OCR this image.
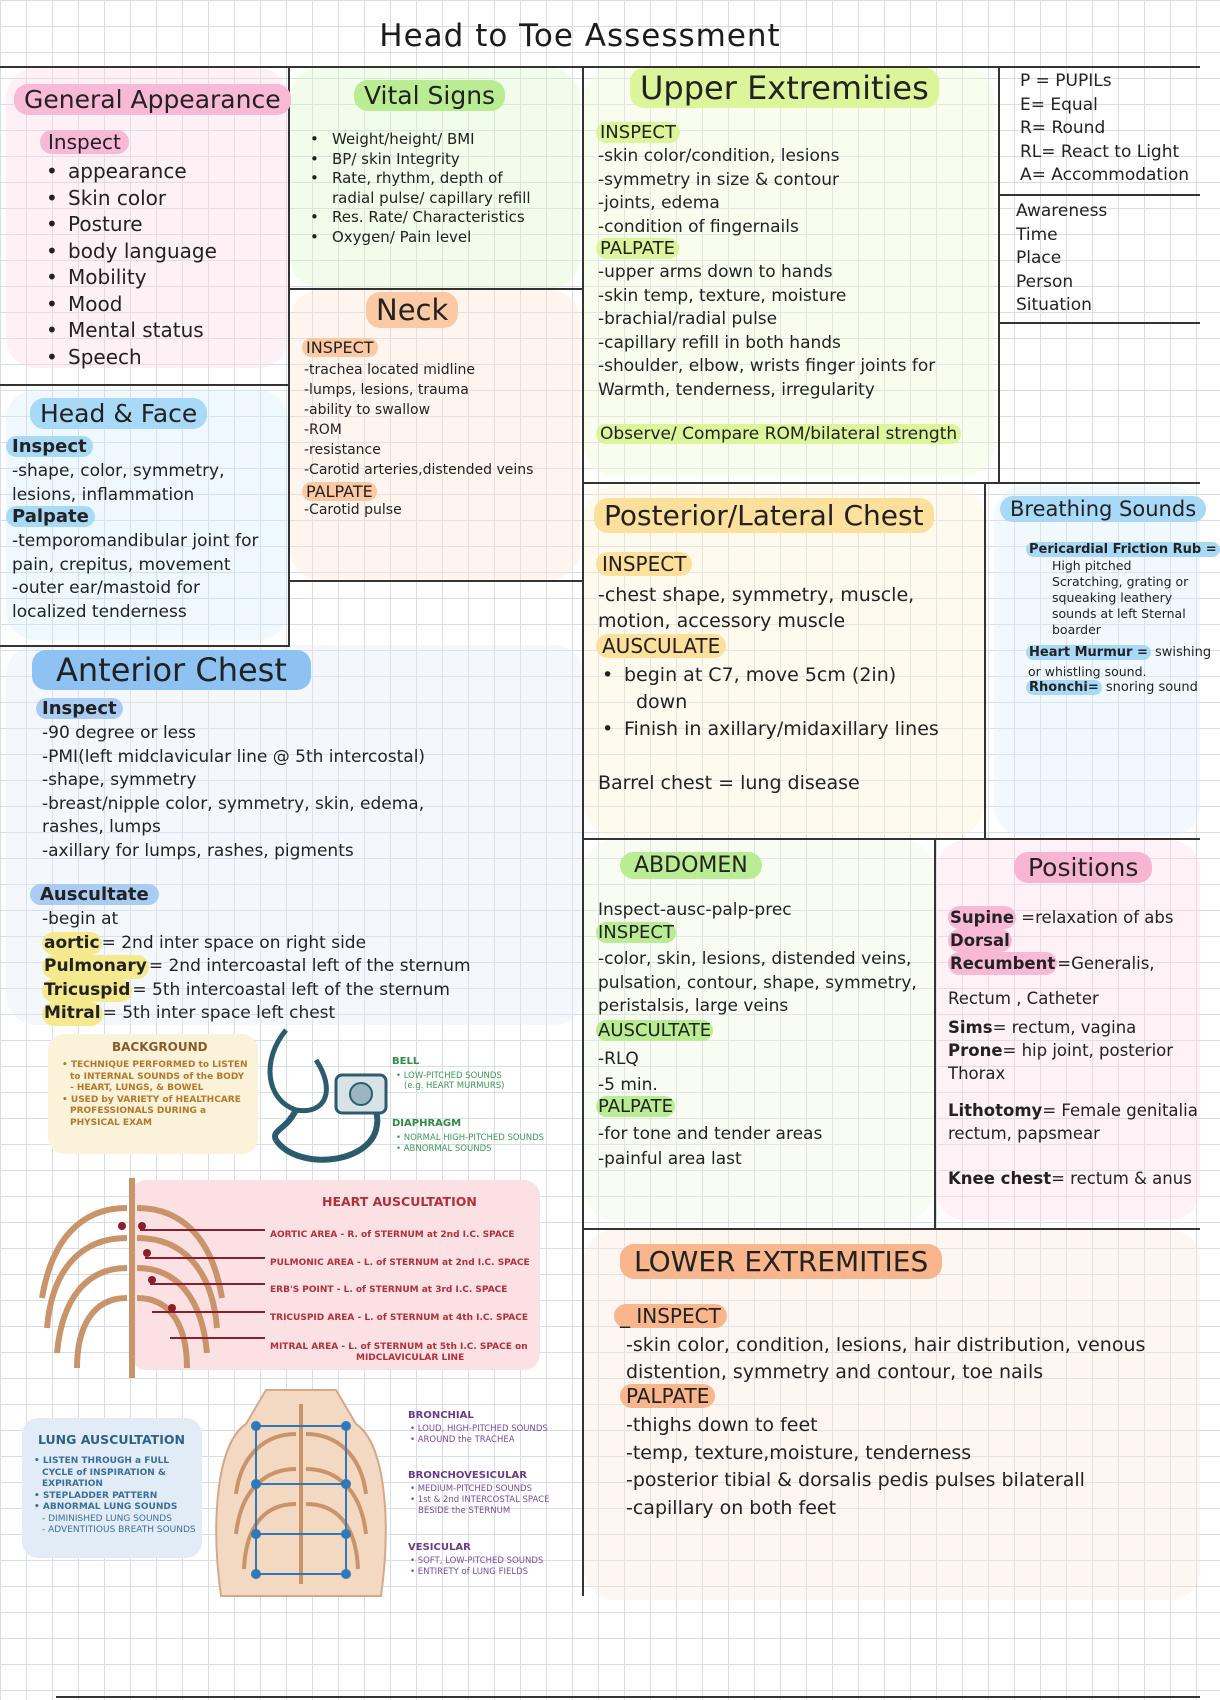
Head to Toe Assessment
General Appearance
Inspect
• appearance
• Skin color
• Posture
• body language
• Mobility
• Mood
• Mental status
• Speech
Vital Signs
• Weight/height/ BMI
• BP/ skin Integrity
• Rate, rhythm, depth of
radial pulse/ capillary refill
• Res. Rate/ Characteristics
• Oxygen/ Pain level
Neck
INSPECT
-trachea located midline
-lumps, lesions, trauma
-ability to swallow
-ROM
-resistance
-Carotid arteries,distended veins
PALPATE
-Carotid pulse
Head & Face
Inspect
-shape, color, symmetry,
lesions, inflammation
Palpate
-temporomandibular joint for
pain, crepitus, movement
-outer ear/mastoid for
localized tenderness
Upper Extremities
INSPECT
-skin color/condition, lesions
-symmetry in size & contour
-joints, edema
-condition of fingernails
PALPATE
-upper arms down to hands
-skin temp, texture, moisture
-brachial/radial pulse
-capillary refill in both hands
-shoulder, elbow, wrists finger joints for
Warmth, tenderness, irregularity
Observe/ Compare ROM/bilateral strength
P = PUPILs
E= Equal
R= Round
RL= React to Light
A= Accommodation
Awareness
Time
Place
Person
Situation
Posterior/Lateral Chest
INSPECT
-chest shape, symmetry, muscle,
motion, accessory muscle
AUSCULATE
• begin at C7, move 5cm (2in)
down
• Finish in axillary/midaxillary lines
Barrel chest = lung disease
Breathing Sounds
Pericardial Friction Rub =
High pitched
Scratching, grating or
squeaking leathery
sounds at left Sternal
boarder
Heart Murmur = swishing
or whistling sound.
Rhonchi= snoring sound
Anterior Chest
Inspect
-90 degree or less
-PMI(left midclavicular line @ 5th intercostal)
-shape, symmetry
-breast/nipple color, symmetry, skin, edema,
rashes, lumps
-axillary for lumps, rashes, pigments
Auscultate
-begin at
aortic = 2nd inter space on right side
Pulmonary = 2nd intercoastal left of the sternum
Tricuspid = 5th intercoastal left of the sternum
Mitral = 5th inter space left chest
ABDOMEN
Inspect-ausc-palp-prec
INSPECT
-color, skin, lesions, distended veins,
pulsation, contour, shape, symmetry,
peristalsis, large veins
AUSCULTATE
-RLQ
-5 min.
PALPATE
-for tone and tender areas
-painful area last
Positions
Supine =relaxation of abs
Dorsal
Recumbent =Generalis,
Rectum , Catheter
Sims= rectum, vagina
Prone= hip joint, posterior
Thorax
Lithotomy= Female genitalia
rectum, papsmear
Knee chest= rectum & anus
LOWER EXTREMITIES
_ INSPECT
-skin color, condition, lesions, hair distribution, venous
distention, symmetry and contour, toe nails
PALPATE
-thighs down to feet
-temp, texture,moisture, tenderness
-posterior tibial & dorsalis pedis pulses bilaterall
-capillary on both feet
BACKGROUND
• TECHNIQUE PERFORMED to LISTEN
to INTERNAL SOUNDS of the BODY
- HEART, LUNGS, & BOWEL
• USED by VARIETY of HEALTHCARE
PROFESSIONALS DURING a
PHYSICAL EXAM
BELL
• LOW-PITCHED SOUNDS
(e.g. HEART MURMURS)
DIAPHRAGM
• NORMAL HIGH-PITCHED SOUNDS
• ABNORMAL SOUNDS
HEART AUSCULTATION
AORTIC AREA - R. of STERNUM at 2nd I.C. SPACE
PULMONIC AREA - L. of STERNUM at 2nd I.C. SPACE
ERB'S POINT - L. of STERNUM at 3rd I.C. SPACE
TRICUSPID AREA - L. of STERNUM at 4th I.C. SPACE
MITRAL AREA - L. of STERNUM at 5th I.C. SPACE on
MIDCLAVICULAR LINE
LUNG AUSCULTATION
• LISTEN THROUGH a FULL
CYCLE of INSPIRATION &
EXPIRATION
• STEPLADDER PATTERN
• ABNORMAL LUNG SOUNDS
- DIMINISHED LUNG SOUNDS
- ADVENTITIOUS BREATH SOUNDS
BRONCHIAL
• LOUD, HIGH-PITCHED SOUNDS
• AROUND the TRACHEA
BRONCHOVESICULAR
• MEDIUM-PITCHED SOUNDS
• 1st & 2nd INTERCOSTAL SPACE
BESIDE the STERNUM
VESICULAR
• SOFT, LOW-PITCHED SOUNDS
• ENTIRETY of LUNG FIELDS
